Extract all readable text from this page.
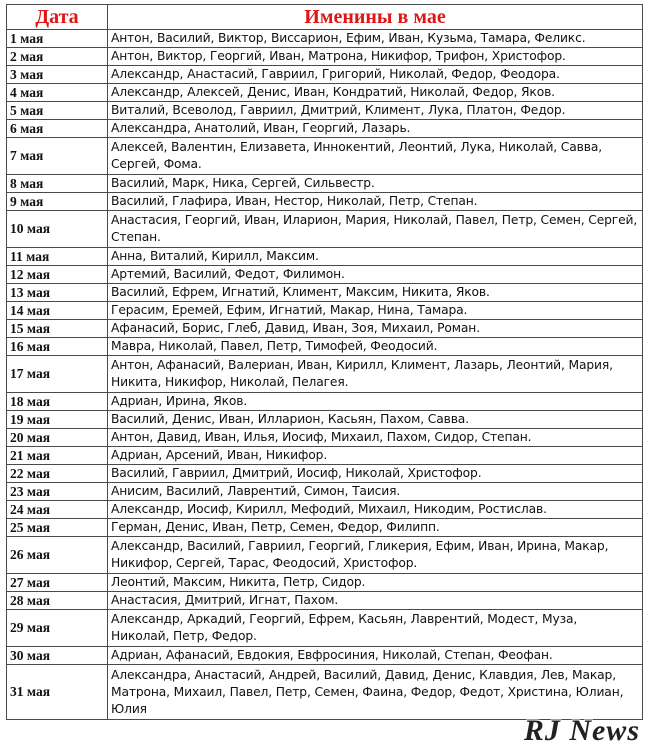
Дата	Именины в мае
1 мая	Антон, Василий, Виктор, Виссарион, Ефим, Иван, Кузьма, Тамара, Феликс.
2 мая	Антон, Виктор, Георгий, Иван, Матрона, Никифор, Трифон, Христофор.
3 мая	Александр, Анастасий, Гавриил, Григорий, Николай, Федор, Феодора.
4 мая	Александр, Алексей, Денис, Иван, Кондратий, Николай, Федор, Яков.
5 мая	Виталий, Всеволод, Гавриил, Дмитрий, Климент, Лука, Платон, Федор.
6 мая	Александра, Анатолий, Иван, Георгий, Лазарь.
7 мая	Алексей, Валентин, Елизавета, Иннокентий, Леонтий, Лука, Николай, Савва, Сергей, Фома.
8 мая	Василий, Марк, Ника, Сергей, Сильвестр.
9 мая	Василий, Глафира, Иван, Нестор, Николай, Петр, Степан.
10 мая	Анастасия, Георгий, Иван, Иларион, Мария, Николай, Павел, Петр, Семен, Сергей, Степан.
11 мая	Анна, Виталий, Кирилл, Максим.
12 мая	Артемий, Василий, Федот, Филимон.
13 мая	Василий, Ефрем, Игнатий, Климент, Максим, Никита, Яков.
14 мая	Герасим, Еремей, Ефим, Игнатий, Макар, Нина, Тамара.
15 мая	Афанасий, Борис, Глеб, Давид, Иван, Зоя, Михаил, Роман.
16 мая	Мавра, Николай, Павел, Петр, Тимофей, Феодосий.
17 мая	Антон, Афанасий, Валериан, Иван, Кирилл, Климент, Лазарь, Леонтий, Мария, Никита, Никифор, Николай, Пелагея.
18 мая	Адриан, Ирина, Яков.
19 мая	Василий, Денис, Иван, Илларион, Касьян, Пахом, Савва.
20 мая	Антон, Давид, Иван, Илья, Иосиф, Михаил, Пахом, Сидор, Степан.
21 мая	Адриан, Арсений, Иван, Никифор.
22 мая	Василий, Гавриил, Дмитрий, Иосиф, Николай, Христофор.
23 мая	Анисим, Василий, Лаврентий, Симон, Таисия.
24 мая	Александр, Иосиф, Кирилл, Мефодий, Михаил, Никодим, Ростислав.
25 мая	Герман, Денис, Иван, Петр, Семен, Федор, Филипп.
26 мая	Александр, Василий, Гавриил, Георгий, Гликерия, Ефим, Иван, Ирина, Макар, Никифор, Сергей, Тарас, Феодосий, Христофор.
27 мая	Леонтий, Максим, Никита, Петр, Сидор.
28 мая	Анастасия, Дмитрий, Игнат, Пахом.
29 мая	Александр, Аркадий, Георгий, Ефрем, Касьян, Лаврентий, Модест, Муза, Николай, Петр, Федор.
30 мая	Адриан, Афанасий, Евдокия, Евфросиния, Николай, Степан, Феофан.
31 мая	Александра, Анастасий, Андрей, Василий, Давид, Денис, Клавдия, Лев, Макар, Матрона, Михаил, Павел, Петр, Семен, Фаина, Федор, Федот, Христина, Юлиан, Юлия
RJ News
